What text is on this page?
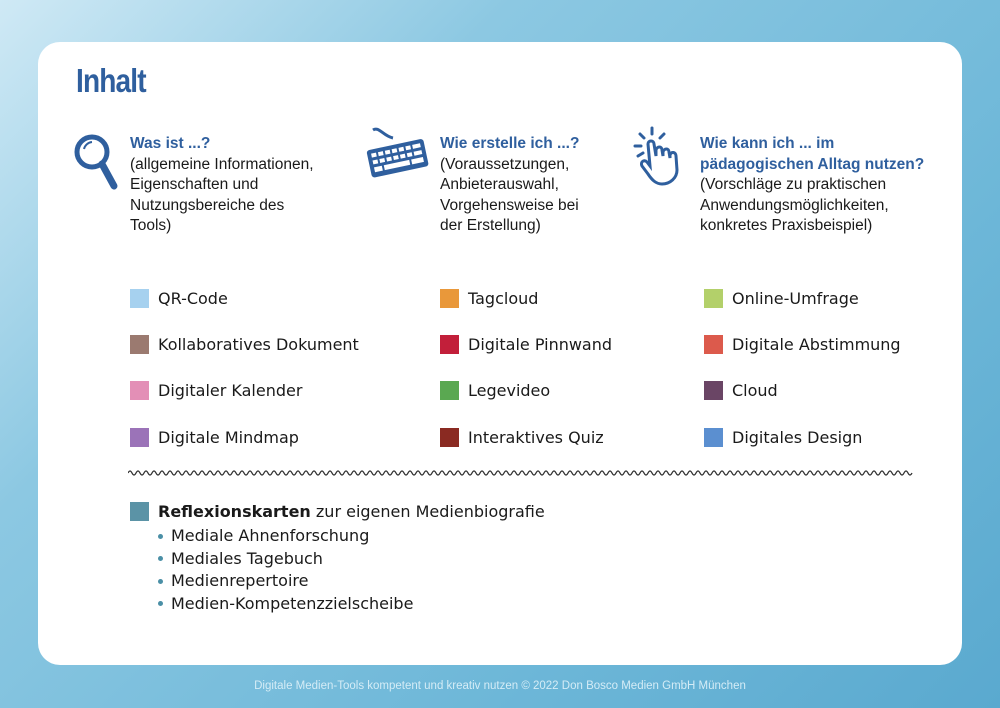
Inhalt
Was ist ...?
(allgemeine Informationen,
Eigenschaften und
Nutzungsbereiche des
Tools)
Wie erstelle ich ...?
(Voraussetzungen,
Anbieterauswahl,
Vorgehensweise bei
der Erstellung)
Wie kann ich ... im
pädagogischen Alltag nutzen?
(Vorschläge zu praktischen
Anwendungsmöglichkeiten,
konkretes Praxisbeispiel)
QR-Code
Kollaboratives Dokument
Digitaler Kalender
Digitale Mindmap
Tagcloud
Digitale Pinnwand
Legevideo
Interaktives Quiz
Online-Umfrage
Digitale Abstimmung
Cloud
Digitales Design
Reflexionskarten zur eigenen Medienbiografie
Mediale Ahnenforschung
Mediales Tagebuch
Medienrepertoire
Medien-Kompetenzzielscheibe
Digitale Medien-Tools kompetent und kreativ nutzen © 2022 Don Bosco Medien GmbH München
